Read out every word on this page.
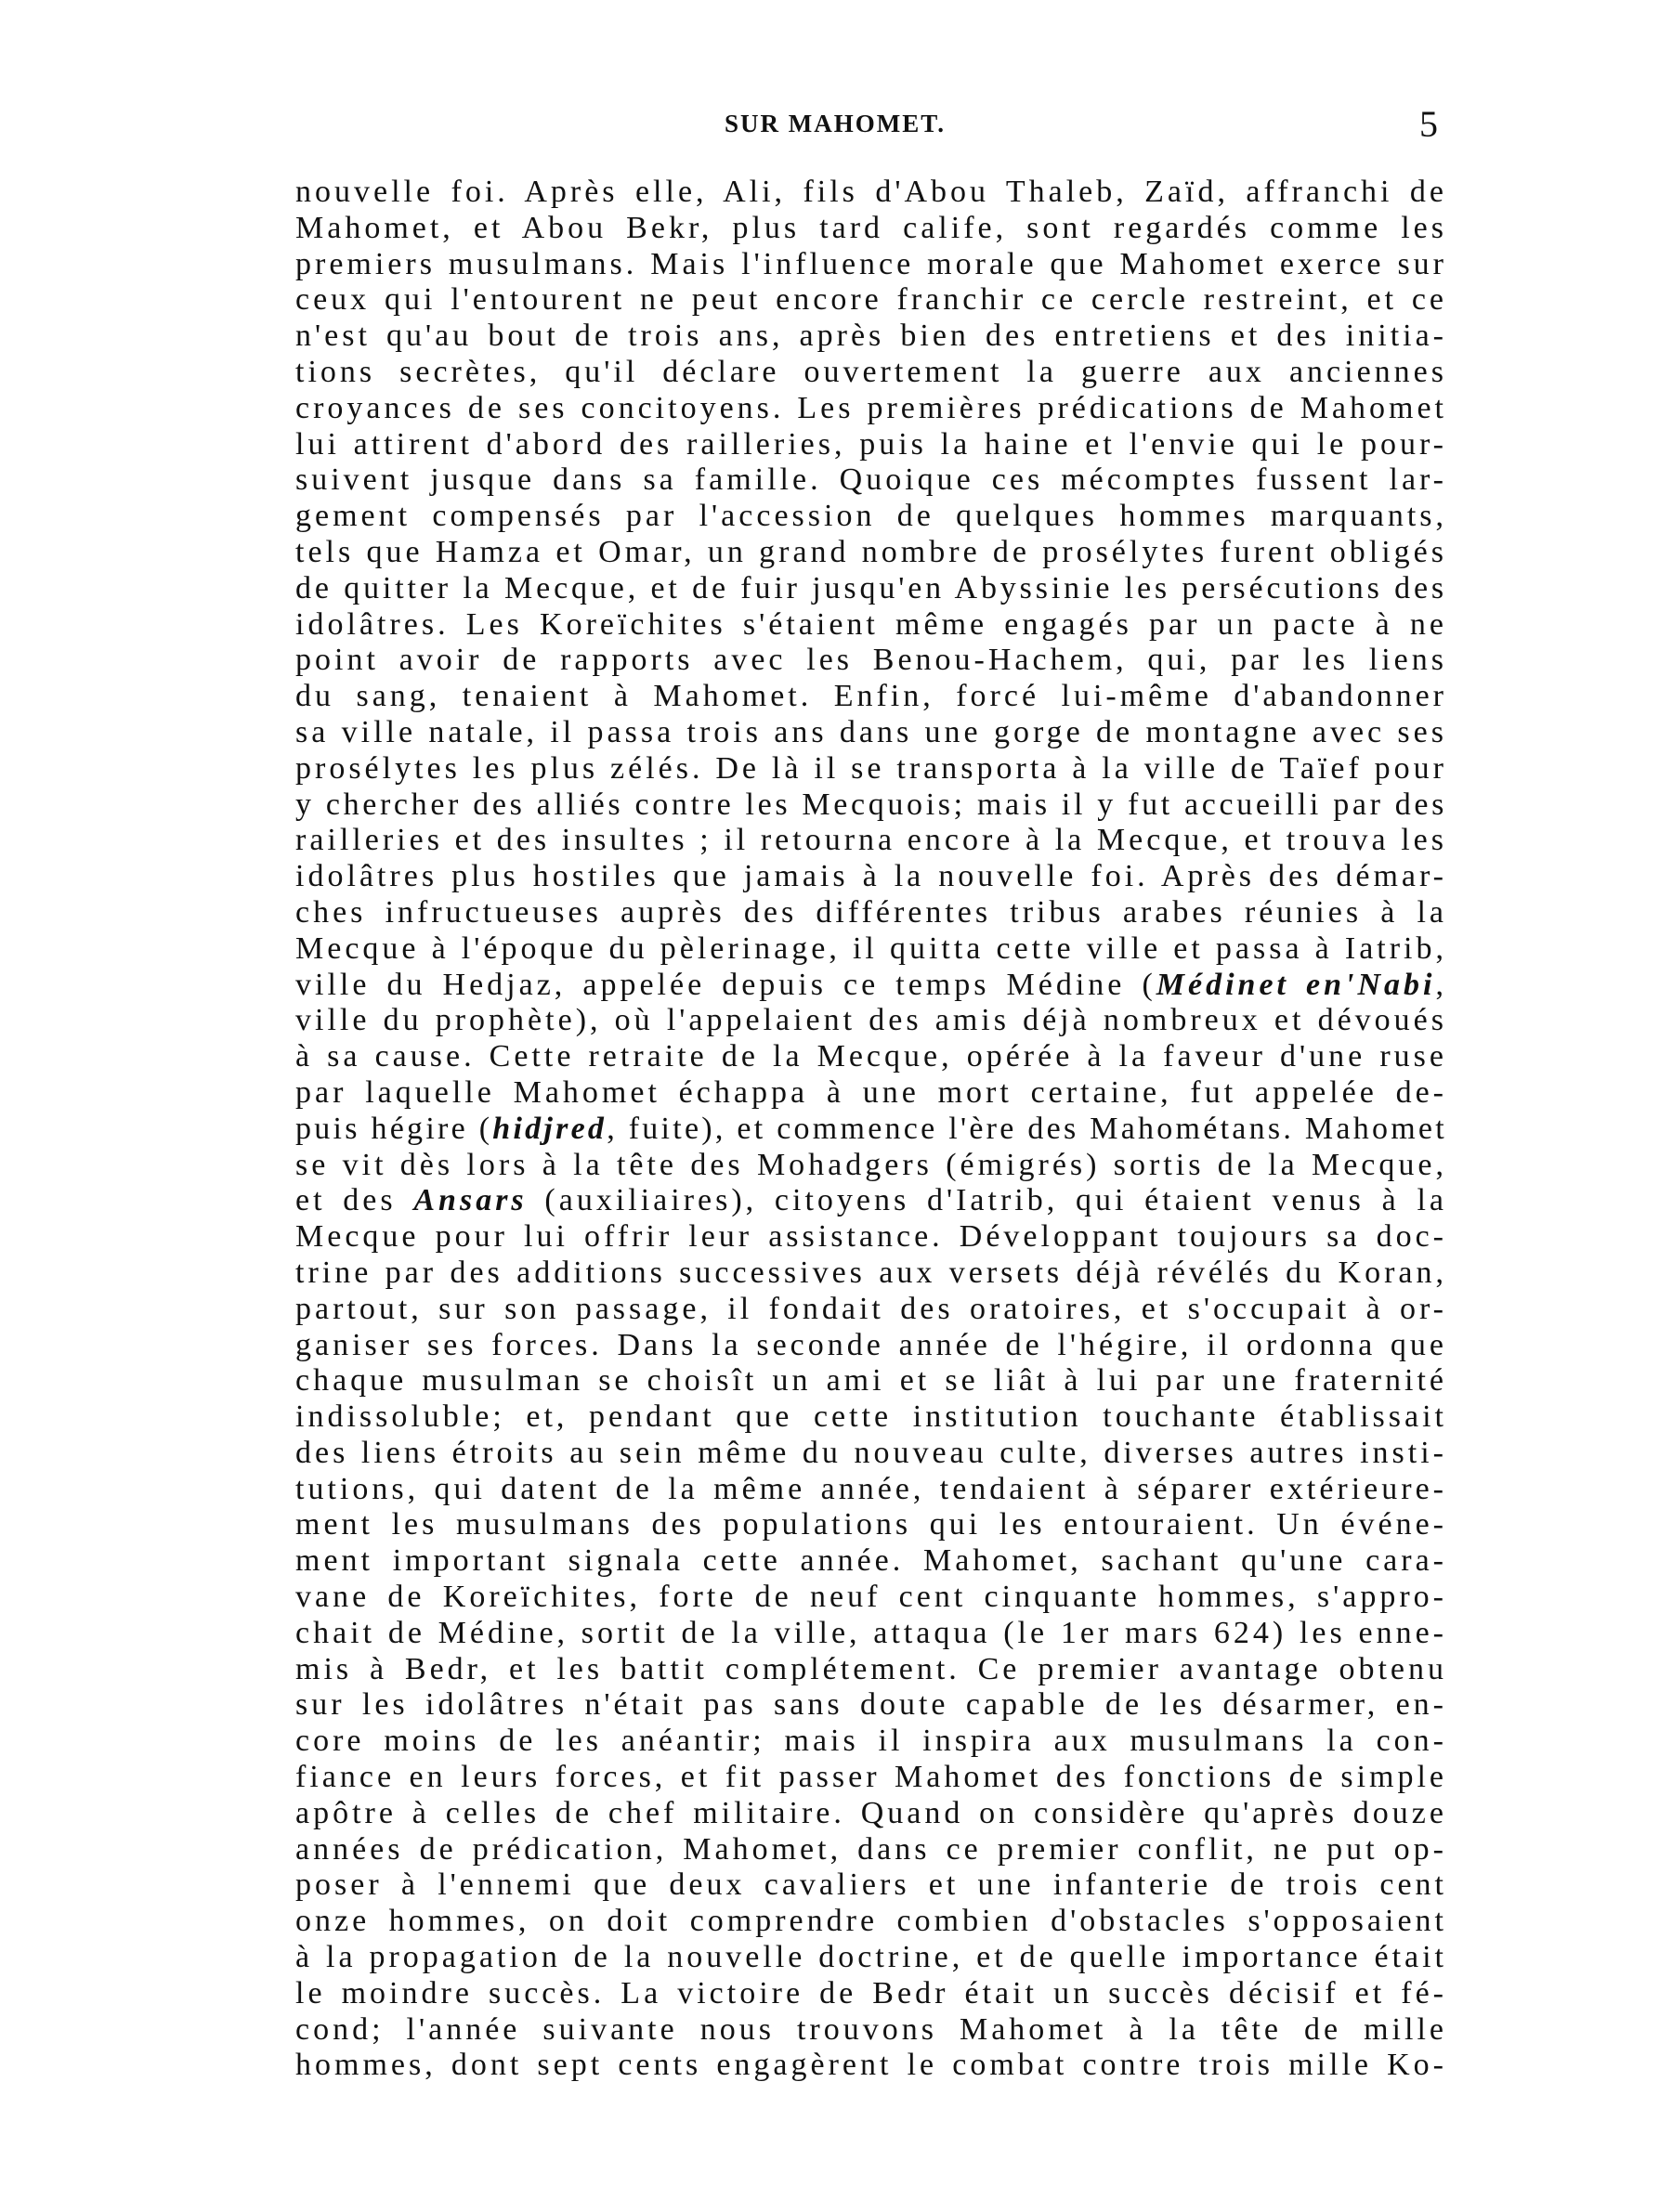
SUR MAHOMET.	5
nouvelle foi. Après elle, Ali, fils d'Abou Thaleb, Zaïd, affranchi de
Mahomet, et Abou Bekr, plus tard calife, sont regardés comme les
premiers musulmans. Mais l'influence morale que Mahomet exerce sur
ceux qui l'entourent ne peut encore franchir ce cercle restreint, et ce
n'est qu'au bout de trois ans, après bien des entretiens et des initia-
tions secrètes, qu'il déclare ouvertement la guerre aux anciennes
croyances de ses concitoyens. Les premières prédications de Mahomet
lui attirent d'abord des railleries, puis la haine et l'envie qui le pour-
suivent jusque dans sa famille. Quoique ces mécomptes fussent lar-
gement compensés par l'accession de quelques hommes marquants,
tels que Hamza et Omar, un grand nombre de prosélytes furent obligés
de quitter la Mecque, et de fuir jusqu'en Abyssinie les persécutions des
idolâtres. Les Koreïchites s'étaient même engagés par un pacte à ne
point avoir de rapports avec les Benou-Hachem, qui, par les liens
du sang, tenaient à Mahomet. Enfin, forcé lui-même d'abandonner
sa ville natale, il passa trois ans dans une gorge de montagne avec ses
prosélytes les plus zélés. De là il se transporta à la ville de Taïef pour
y chercher des alliés contre les Mecquois; mais il y fut accueilli par des
railleries et des insultes ; il retourna encore à la Mecque, et trouva les
idolâtres plus hostiles que jamais à la nouvelle foi. Après des démar-
ches infructueuses auprès des différentes tribus arabes réunies à la
Mecque à l'époque du pèlerinage, il quitta cette ville et passa à Iatrib,
ville du Hedjaz, appelée depuis ce temps Médine (Médinet en'Nabi,
ville du prophète), où l'appelaient des amis déjà nombreux et dévoués
à sa cause. Cette retraite de la Mecque, opérée à la faveur d'une ruse
par laquelle Mahomet échappa à une mort certaine, fut appelée de-
puis hégire (hidjred, fuite), et commence l'ère des Mahométans. Mahomet
se vit dès lors à la tête des Mohadgers (émigrés) sortis de la Mecque,
et des Ansars (auxiliaires), citoyens d'Iatrib, qui étaient venus à la
Mecque pour lui offrir leur assistance. Développant toujours sa doc-
trine par des additions successives aux versets déjà révélés du Koran,
partout, sur son passage, il fondait des oratoires, et s'occupait à or-
ganiser ses forces. Dans la seconde année de l'hégire, il ordonna que
chaque musulman se choisît un ami et se liât à lui par une fraternité
indissoluble; et, pendant que cette institution touchante établissait
des liens étroits au sein même du nouveau culte, diverses autres insti-
tutions, qui datent de la même année, tendaient à séparer extérieure-
ment les musulmans des populations qui les entouraient. Un événe-
ment important signala cette année. Mahomet, sachant qu'une cara-
vane de Koreïchites, forte de neuf cent cinquante hommes, s'appro-
chait de Médine, sortit de la ville, attaqua (le 1er mars 624) les enne-
mis à Bedr, et les battit complétement. Ce premier avantage obtenu
sur les idolâtres n'était pas sans doute capable de les désarmer, en-
core moins de les anéantir; mais il inspira aux musulmans la con-
fiance en leurs forces, et fit passer Mahomet des fonctions de simple
apôtre à celles de chef militaire. Quand on considère qu'après douze
années de prédication, Mahomet, dans ce premier conflit, ne put op-
poser à l'ennemi que deux cavaliers et une infanterie de trois cent
onze hommes, on doit comprendre combien d'obstacles s'opposaient
à la propagation de la nouvelle doctrine, et de quelle importance était
le moindre succès. La victoire de Bedr était un succès décisif et fé-
cond; l'année suivante nous trouvons Mahomet à la tête de mille
hommes, dont sept cents engagèrent le combat contre trois mille Ko-
